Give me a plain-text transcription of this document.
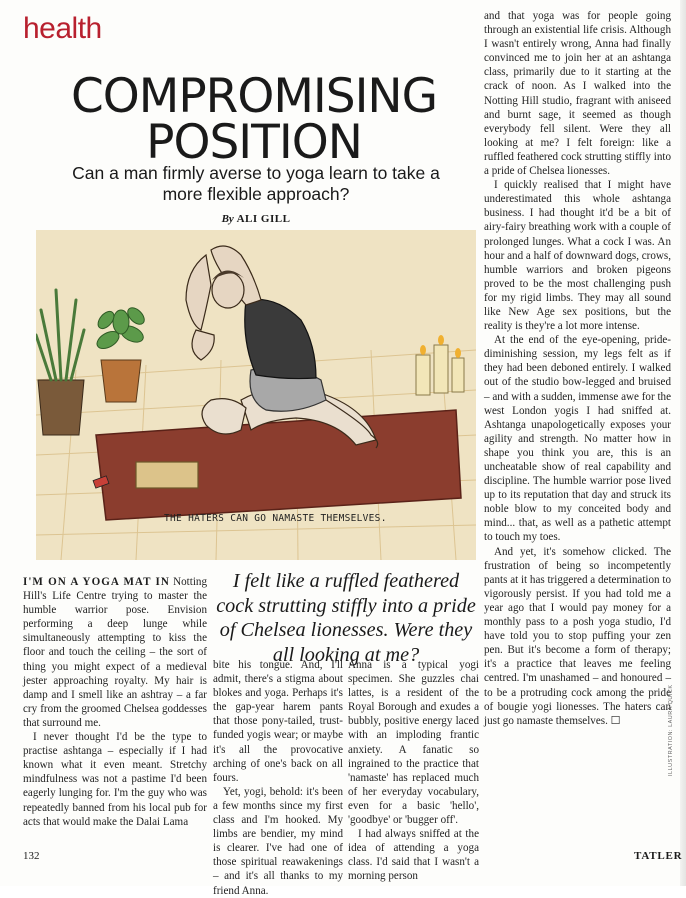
health
COMPROMISING
POSITION
Can a man firmly averse to yoga learn to take a more flexible approach?
By ALI GILL
THE HATERS CAN GO NAMASTE THEMSELVES.

I'M ON A YOGA MAT IN Notting Hill's Life Centre trying to master the humble warrior pose. Envision performing a deep lunge while simultaneously attempting to kiss the floor and touch the ceiling – the sort of thing you might expect of a medieval jester approaching royalty. My hair is damp and I smell like an ashtray – a far cry from the groomed Chelsea goddesses that surround me.

I never thought I'd be the type to practise ashtanga – especially if I had known what it even meant. Stretchy mindfulness was not a pastime I'd been eagerly lunging for. I'm the guy who was repeatedly banned from his local pub for acts that would make the Dalai Lama

I felt like a ruffled feathered cock strutting stiffly into a pride of Chelsea lionesses. Were they all looking at me?

bite his tongue. And, I'll admit, there's a stigma about blokes and yoga. Perhaps it's the gap-year harem pants that those pony-tailed, trust-funded yogis wear; or maybe it's all the provocative arching of one's back on all fours.

Yet, yogi, behold: it's been a few months since my first class and I'm hooked. My limbs are bendier, my mind is clearer. I've had one of those spiritual reawakenings – and it's all thanks to my friend Anna.

Anna is a typical yogi specimen. She guzzles chai lattes, is a resident of the Royal Borough and exudes a bubbly, positive energy laced with an imploding frantic anxiety. A fanatic so ingrained to the practice that 'namaste' has replaced much of her everyday vocabulary, even for a basic 'hello', 'goodbye' or 'bugger off'.

I had always sniffed at the idea of attending a yoga class. I'd said that I wasn't a morning person

and that yoga was for people going through an existential life crisis. Although I wasn't entirely wrong, Anna had finally convinced me to join her at an ashtanga class, primarily due to it starting at the crack of noon. As I walked into the Notting Hill studio, fragrant with aniseed and burnt sage, it seemed as though everybody fell silent. Were they all looking at me? I felt foreign: like a ruffled feathered cock strutting stiffly into a pride of Chelsea lionesses.

I quickly realised that I might have underestimated this whole ashtanga business. I had thought it'd be a bit of airy-fairy breathing work with a couple of prolonged lunges. What a cock I was. An hour and a half of downward dogs, crows, humble warriors and broken pigeons proved to be the most challenging push for my rigid limbs. They may all sound like New Age sex positions, but the reality is they're a lot more intense.

At the end of the eye-opening, pride-diminishing session, my legs felt as if they had been deboned entirely. I walked out of the studio bow-legged and bruised – and with a sudden, immense awe for the west London yogis I had sniffed at. Ashtanga unapologetically exposes your agility and strength. No matter how in shape you think you are, this is an uncheatable show of real capability and discipline. The humble warrior pose lived up to its reputation that day and struck its noble blow to my conceited body and mind... that, as well as a pathetic attempt to touch my toes.

And yet, it's somehow clicked. The frustration of being so incompetently pants at it has triggered a determination to vigorously persist. If you had told me a year ago that I would pay money for a monthly pass to a posh yoga studio, I'd have told you to stop puffing your zen pen. But it's become a form of therapy; it's a practice that leaves me feeling centred. I'm unashamed – and honoured – to be a protruding cock among the pride of bougie yogi lionesses. The haters can just go namaste themselves. ☐

132	TATLER
ILLUSTRATION: LAURA QUICK
